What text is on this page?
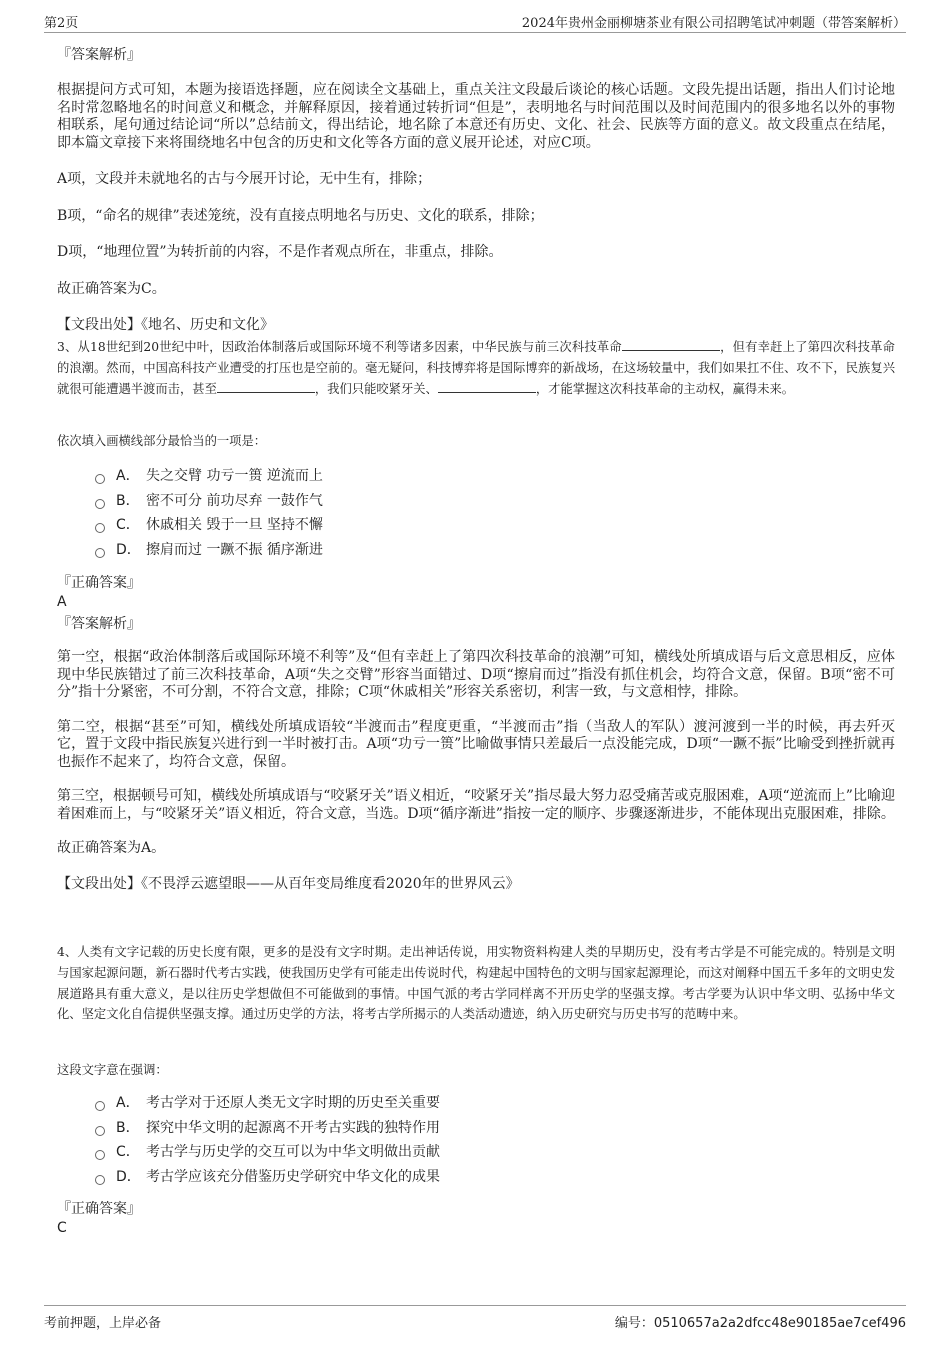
第2页	2024年贵州金丽柳塘茶业有限公司招聘笔试冲刺题（带答案解析）

『答案解析』

根据提问方式可知，本题为接语选择题，应在阅读全文基础上，重点关注文段最后谈论的核心话题。文段先提出话题，指出人们讨论地名时常忽略地名的时间意义和概念，并解释原因，接着通过转折词“但是”，表明地名与时间范围以及时间范围内的很多地名以外的事物相联系，尾句通过结论词“所以”总结前文，得出结论，地名除了本意还有历史、文化、社会、民族等方面的意义。故文段重点在结尾，即本篇文章接下来将围绕地名中包含的历史和文化等各方面的意义展开论述，对应C项。

A项，文段并未就地名的古与今展开讨论，无中生有，排除；

B项，“命名的规律”表述笼统，没有直接点明地名与历史、文化的联系，排除；

D项，“地理位置”为转折前的内容，不是作者观点所在，非重点，排除。

故正确答案为C。

【文段出处】《地名、历史和文化》

3、从18世纪到20世纪中叶，因政治体制落后或国际环境不利等诸多因素，中华民族与前三次科技革命	，但有幸赶上了第四次科技革命的浪潮。然而，中国高科技产业遭受的打压也是空前的。毫无疑问，科技博弈将是国际博弈的新战场，在这场较量中，我们如果扛不住、攻不下，民族复兴就很可能遭遇半渡而击，甚至	，我们只能咬紧牙关、	，才能掌握这次科技革命的主动权，赢得未来。

依次填入画横线部分最恰当的一项是：

A． 失之交臂 功亏一篑 逆流而上
B． 密不可分 前功尽弃 一鼓作气
C． 休戚相关 毁于一旦 坚持不懈
D． 擦肩而过 一蹶不振 循序渐进

『正确答案』

A

『答案解析』

第一空，根据“政治体制落后或国际环境不利等”及“但有幸赶上了第四次科技革命的浪潮”可知，横线处所填成语与后文意思相反，应体现中华民族错过了前三次科技革命，A项“失之交臂”形容当面错过、D项“擦肩而过”指没有抓住机会，均符合文意，保留。B项“密不可分”指十分紧密，不可分割，不符合文意，排除；C项“休戚相关”形容关系密切，利害一致，与文意相悖，排除。

第二空，根据“甚至”可知，横线处所填成语较“半渡而击”程度更重，“半渡而击”指（当敌人的军队）渡河渡到一半的时候，再去歼灭它，置于文段中指民族复兴进行到一半时被打击。A项“功亏一篑”比喻做事情只差最后一点没能完成，D项“一蹶不振”比喻受到挫折就再也振作不起来了，均符合文意，保留。

第三空，根据顿号可知，横线处所填成语与“咬紧牙关”语义相近，“咬紧牙关”指尽最大努力忍受痛苦或克服困难，A项“逆流而上”比喻迎着困难而上，与“咬紧牙关”语义相近，符合文意，当选。D项“循序渐进”指按一定的顺序、步骤逐渐进步，不能体现出克服困难，排除。

故正确答案为A。

【文段出处】《不畏浮云遮望眼——从百年变局维度看2020年的世界风云》

4、人类有文字记载的历史长度有限，更多的是没有文字时期。走出神话传说，用实物资料构建人类的早期历史，没有考古学是不可能完成的。特别是文明与国家起源问题，新石器时代考古实践，使我国历史学有可能走出传说时代，构建起中国特色的文明与国家起源理论，而这对阐释中国五千多年的文明史发展道路具有重大意义，是以往历史学想做但不可能做到的事情。中国气派的考古学同样离不开历史学的坚强支撑。考古学要为认识中华文明、弘扬中华文化、坚定文化自信提供坚强支撑。通过历史学的方法，将考古学所揭示的人类活动遗迹，纳入历史研究与历史书写的范畴中来。

这段文字意在强调：

A． 考古学对于还原人类无文字时期的历史至关重要
B． 探究中华文明的起源离不开考古实践的独特作用
C． 考古学与历史学的交互可以为中华文明做出贡献
D． 考古学应该充分借鉴历史学研究中华文化的成果

『正确答案』

C

考前押题，上岸必备	编号：0510657a2a2dfcc48e90185ae7cef496
